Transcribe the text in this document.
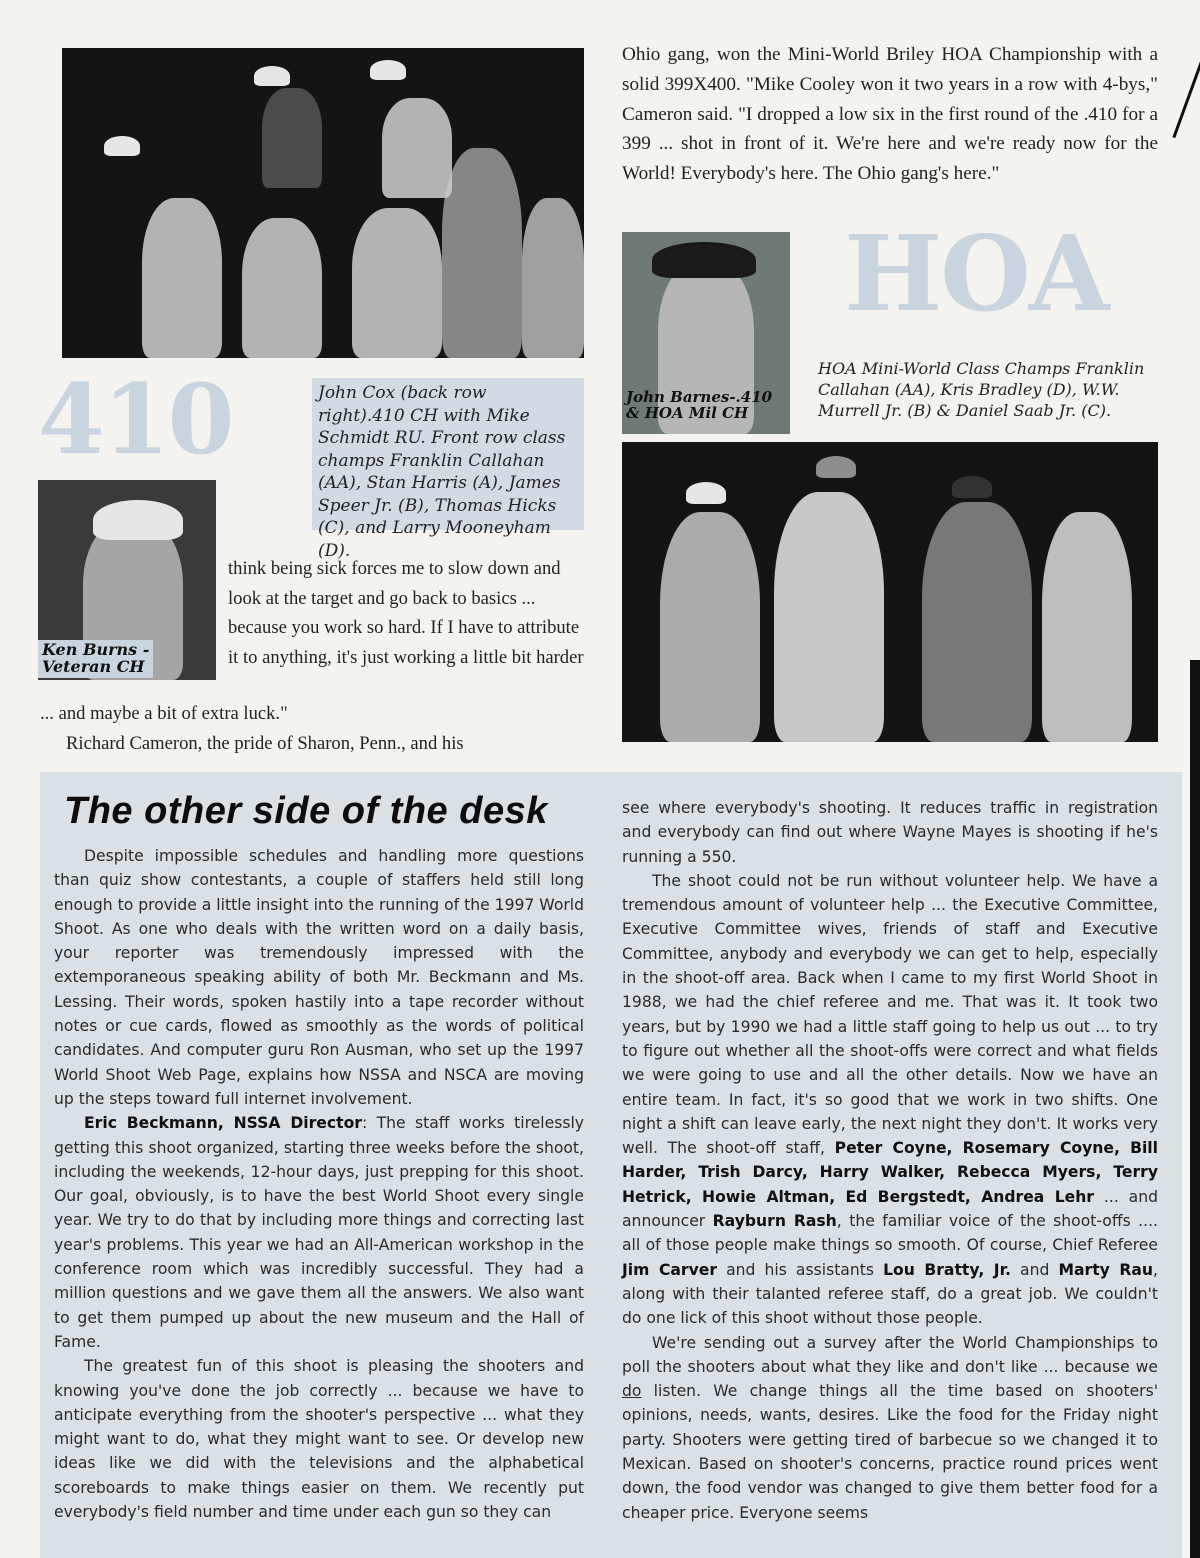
410	John Cox (back row right).410 CH with Mike Schmidt RU. Front row class champs Franklin Callahan (AA), Stan Harris (A), James Speer Jr. (B), Thomas Hicks (C), and Larry Mooneyham (D).
Ken Burns -
Veteran CH
think being sick forces me to slow down and look at the target and go back to basics ... because you work so hard. If I have to attribute it to anything, it's just working a little bit harder
... and maybe a bit of extra luck."
Richard Cameron, the pride of Sharon, Penn., and his
Ohio gang, won the Mini-World Briley HOA Championship with a solid 399X400. "Mike Cooley won it two years in a row with 4-bys," Cameron said. "I dropped a low six in the first round of the .410 for a 399 ... shot in front of it. We're here and we're ready now for the World! Everybody's here. The Ohio gang's here."
John Barnes-.410
& HOA Mil CH
HOA
HOA Mini-World Class Champs Franklin Callahan (AA), Kris Bradley (D), W.W. Murrell Jr. (B) & Daniel Saab Jr. (C).
The other side of the desk

Despite impossible schedules and handling more questions than quiz show contestants, a couple of staffers held still long enough to provide a little insight into the running of the 1997 World Shoot. As one who deals with the written word on a daily basis, your reporter was tremendously impressed with the extemporaneous speaking ability of both Mr. Beckmann and Ms. Lessing. Their words, spoken hastily into a tape recorder without notes or cue cards, flowed as smoothly as the words of political candidates. And computer guru Ron Ausman, who set up the 1997 World Shoot Web Page, explains how NSSA and NSCA are moving up the steps toward full internet involvement.

Eric Beckmann, NSSA Director: The staff works tirelessly getting this shoot organized, starting three weeks before the shoot, including the weekends, 12-hour days, just prepping for this shoot. Our goal, obviously, is to have the best World Shoot every single year. We try to do that by including more things and correcting last year's problems. This year we had an All-American workshop in the conference room which was incredibly successful. They had a million questions and we gave them all the answers. We also want to get them pumped up about the new museum and the Hall of Fame.

The greatest fun of this shoot is pleasing the shooters and knowing you've done the job correctly ... because we have to anticipate everything from the shooter's perspective ... what they might want to do, what they might want to see. Or develop new ideas like we did with the televisions and the alphabetical scoreboards to make things easier on them. We recently put everybody's field number and time under each gun so they can

see where everybody's shooting. It reduces traffic in registration and everybody can find out where Wayne Mayes is shooting if he's running a 550.

The shoot could not be run without volunteer help. We have a tremendous amount of volunteer help ... the Executive Committee, Executive Committee wives, friends of staff and Executive Committee, anybody and everybody we can get to help, especially in the shoot-off area. Back when I came to my first World Shoot in 1988, we had the chief referee and me. That was it. It took two years, but by 1990 we had a little staff going to help us out ... to try to figure out whether all the shoot-offs were correct and what fields we were going to use and all the other details. Now we have an entire team. In fact, it's so good that we work in two shifts. One night a shift can leave early, the next night they don't. It works very well. The shoot-off staff, Peter Coyne, Rosemary Coyne, Bill Harder, Trish Darcy, Harry Walker, Rebecca Myers, Terry Hetrick, Howie Altman, Ed Bergstedt, Andrea Lehr ... and announcer Rayburn Rash, the familiar voice of the shoot-offs .... all of those people make things so smooth. Of course, Chief Referee Jim Carver and his assistants Lou Bratty, Jr. and Marty Rau, along with their talanted referee staff, do a great job. We couldn't do one lick of this shoot without those people.

We're sending out a survey after the World Championships to poll the shooters about what they like and don't like ... because we do listen. We change things all the time based on shooters' opinions, needs, wants, desires. Like the food for the Friday night party. Shooters were getting tired of barbecue so we changed it to Mexican. Based on shooter's concerns, practice round prices went down, the food vendor was changed to give them better food for a cheaper price. Everyone seems
